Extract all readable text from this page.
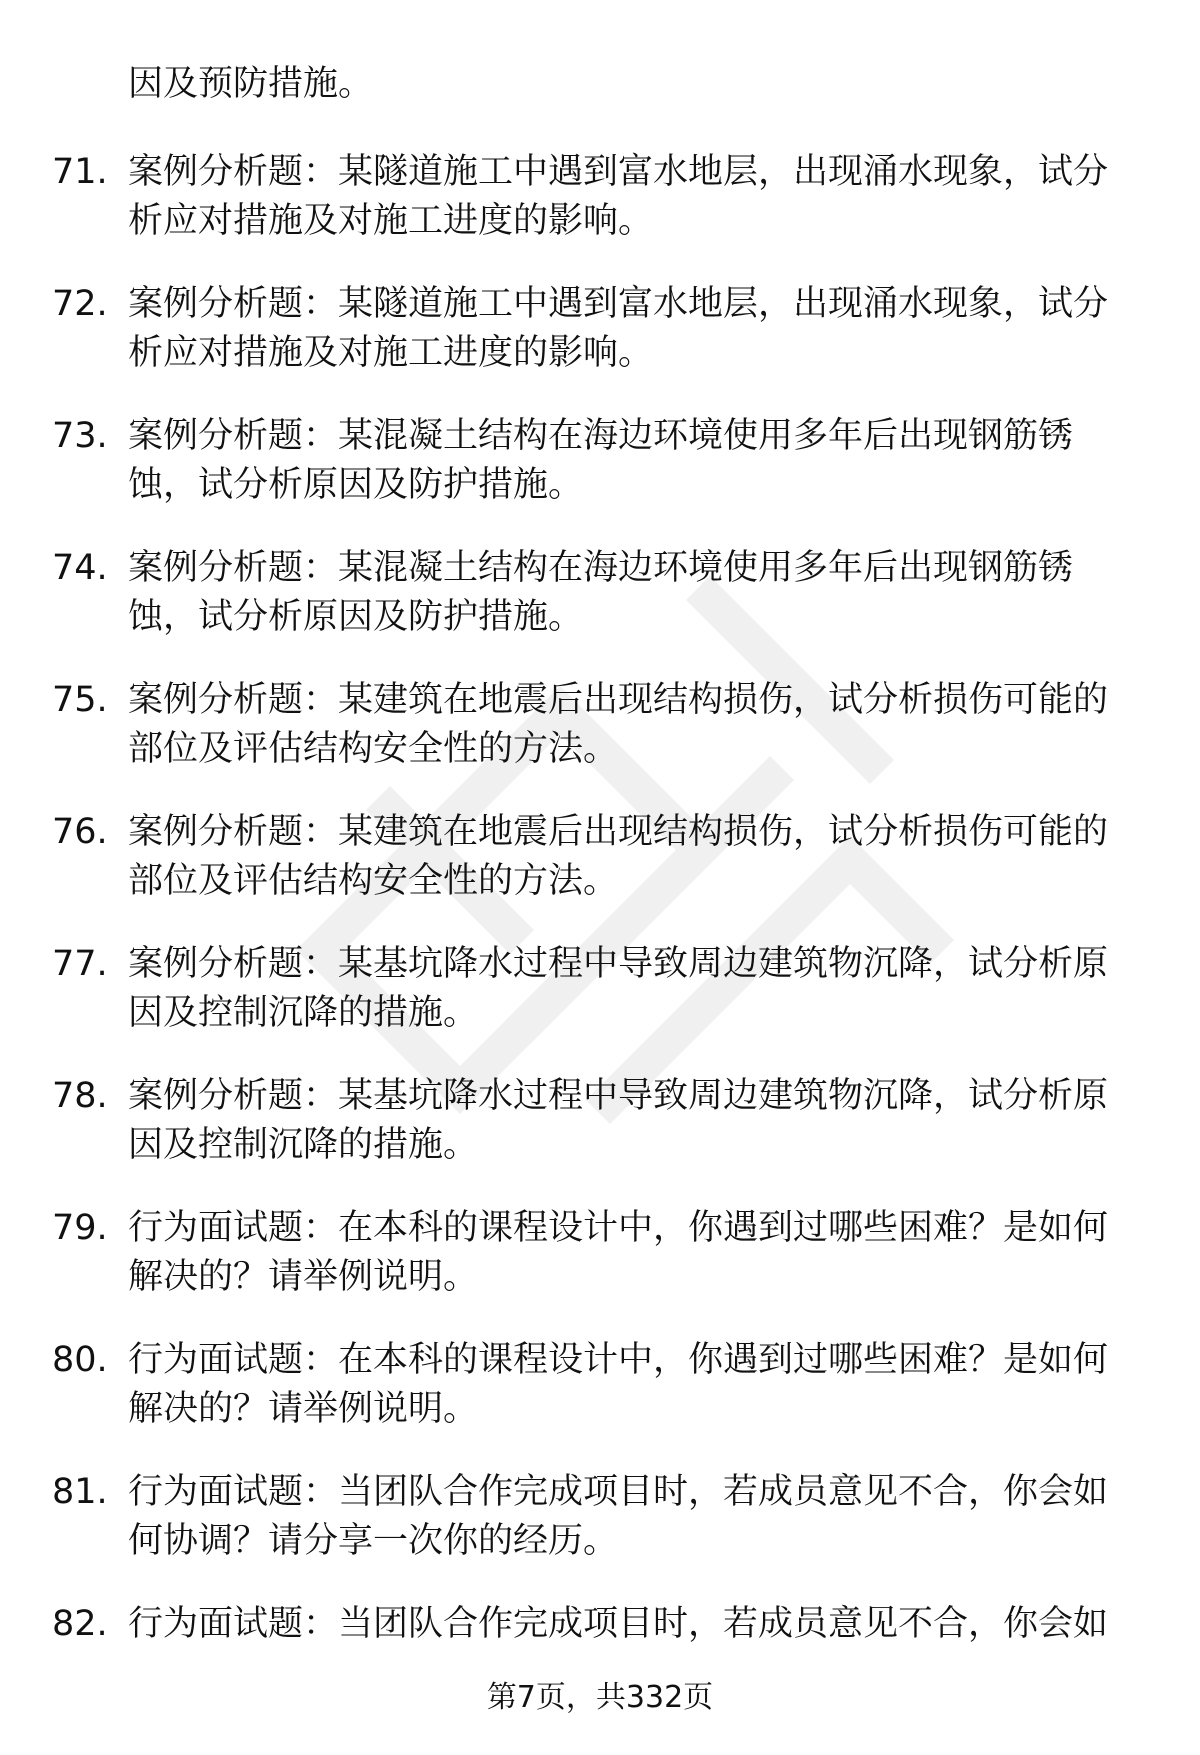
因及预防措施。

71. 案例分析题：某隧道施工中遇到富水地层，出现涌水现象，试分析应对措施及对施工进度的影响。
72. 案例分析题：某隧道施工中遇到富水地层，出现涌水现象，试分析应对措施及对施工进度的影响。
73. 案例分析题：某混凝土结构在海边环境使用多年后出现钢筋锈蚀，试分析原因及防护措施。
74. 案例分析题：某混凝土结构在海边环境使用多年后出现钢筋锈蚀，试分析原因及防护措施。
75. 案例分析题：某建筑在地震后出现结构损伤，试分析损伤可能的部位及评估结构安全性的方法。
76. 案例分析题：某建筑在地震后出现结构损伤，试分析损伤可能的部位及评估结构安全性的方法。
77. 案例分析题：某基坑降水过程中导致周边建筑物沉降，试分析原因及控制沉降的措施。
78. 案例分析题：某基坑降水过程中导致周边建筑物沉降，试分析原因及控制沉降的措施。
79. 行为面试题：在本科的课程设计中，你遇到过哪些困难？是如何解决的？请举例说明。
80. 行为面试题：在本科的课程设计中，你遇到过哪些困难？是如何解决的？请举例说明。
81. 行为面试题：当团队合作完成项目时，若成员意见不合，你会如何协调？请分享一次你的经历。
82. 行为面试题：当团队合作完成项目时，若成员意见不合，你会如
第7页，共332页
